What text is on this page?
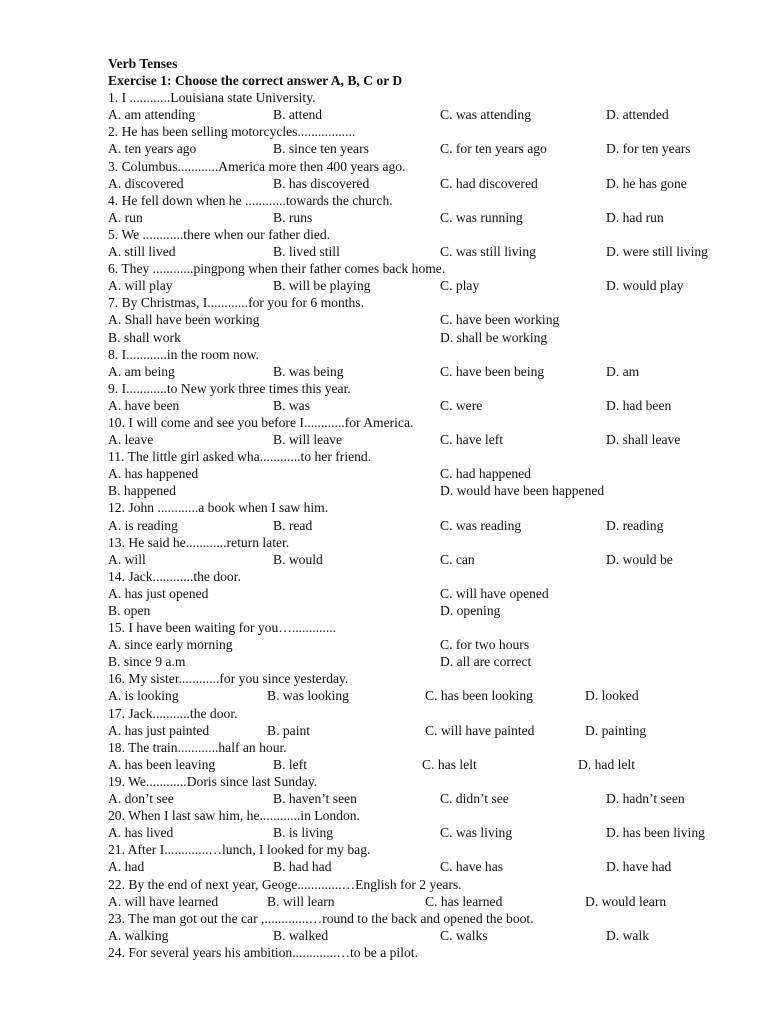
Verb Tenses
Exercise 1: Choose the correct answer A, B, C or D
1. I ............Louisiana state University.
A. am attending	B. attend	C. was attending	D. attended
2. He has been selling motorcycles.................
A. ten years ago	B. since ten years	C. for ten years ago	D. for ten years
3. Columbus............America more then 400 years ago.
A. discovered	B. has discovered	C. had discovered	D. he has gone
4. He fell down when he ............towards the church.
A. run	B. runs	C. was running	D. had run
5. We ............there when our father died.
A. still lived	B. lived still	C. was still living	D. were still living
6. They ............pingpong when their father comes back home.
A. will play	B. will be playing	C. play	D. would play
7. By Christmas, I............for you for 6 months.
A. Shall have been working	C. have been working
B. shall work	D. shall be working
8. I............in the room now.
A. am being	B. was being	C. have been being	D. am
9. I............to New york three times this year.
A. have been	B. was	C. were	D. had been
10. I will come and see you before I............for America.
A. leave	B. will leave	C. have left	D. shall leave
11. The little girl asked wha............to her friend.
A. has happened	C. had happened
B. happened	D. would have been happened
12. John ............a book when I saw him.
A. is reading	B. read	C. was reading	D. reading
13. He said he............return later.
A. will	B. would	C. can	D. would be
14. Jack............the door.
A. has just opened	C. will have opened
B. open	D. opening
15. I have been waiting for you….............
A. since early morning	C. for two hours
B. since 9 a.m	D. all are correct
16. My sister............for you since yesterday.
A. is looking	B. was looking	C. has been looking	D. looked
17. Jack...........the door.
A. has just painted	B. paint	C. will have painted	D. painting
18. The train............half an hour.
A. has been leaving	B. left	C. has lelt	D. had lelt
19. We............Doris since last Sunday.
A. don’t see	B. haven’t seen	C. didn’t see	D. hadn’t seen
20. When I last saw him, he............in London.
A. has lived	B. is living	C. was living	D. has been living
21. After I.............…lunch, I looked for my bag.
A. had	B. had had	C. have has	D. have had
22. By the end of next year, Geoge.............…English for 2 years.
A. will have learned	B. will learn	C. has learned	D. would learn
23. The man got out the car ,.............…round to the back and opened the boot.
A. walking	B. walked	C. walks	D. walk
24. For several years his ambition.............…to be a pilot.
